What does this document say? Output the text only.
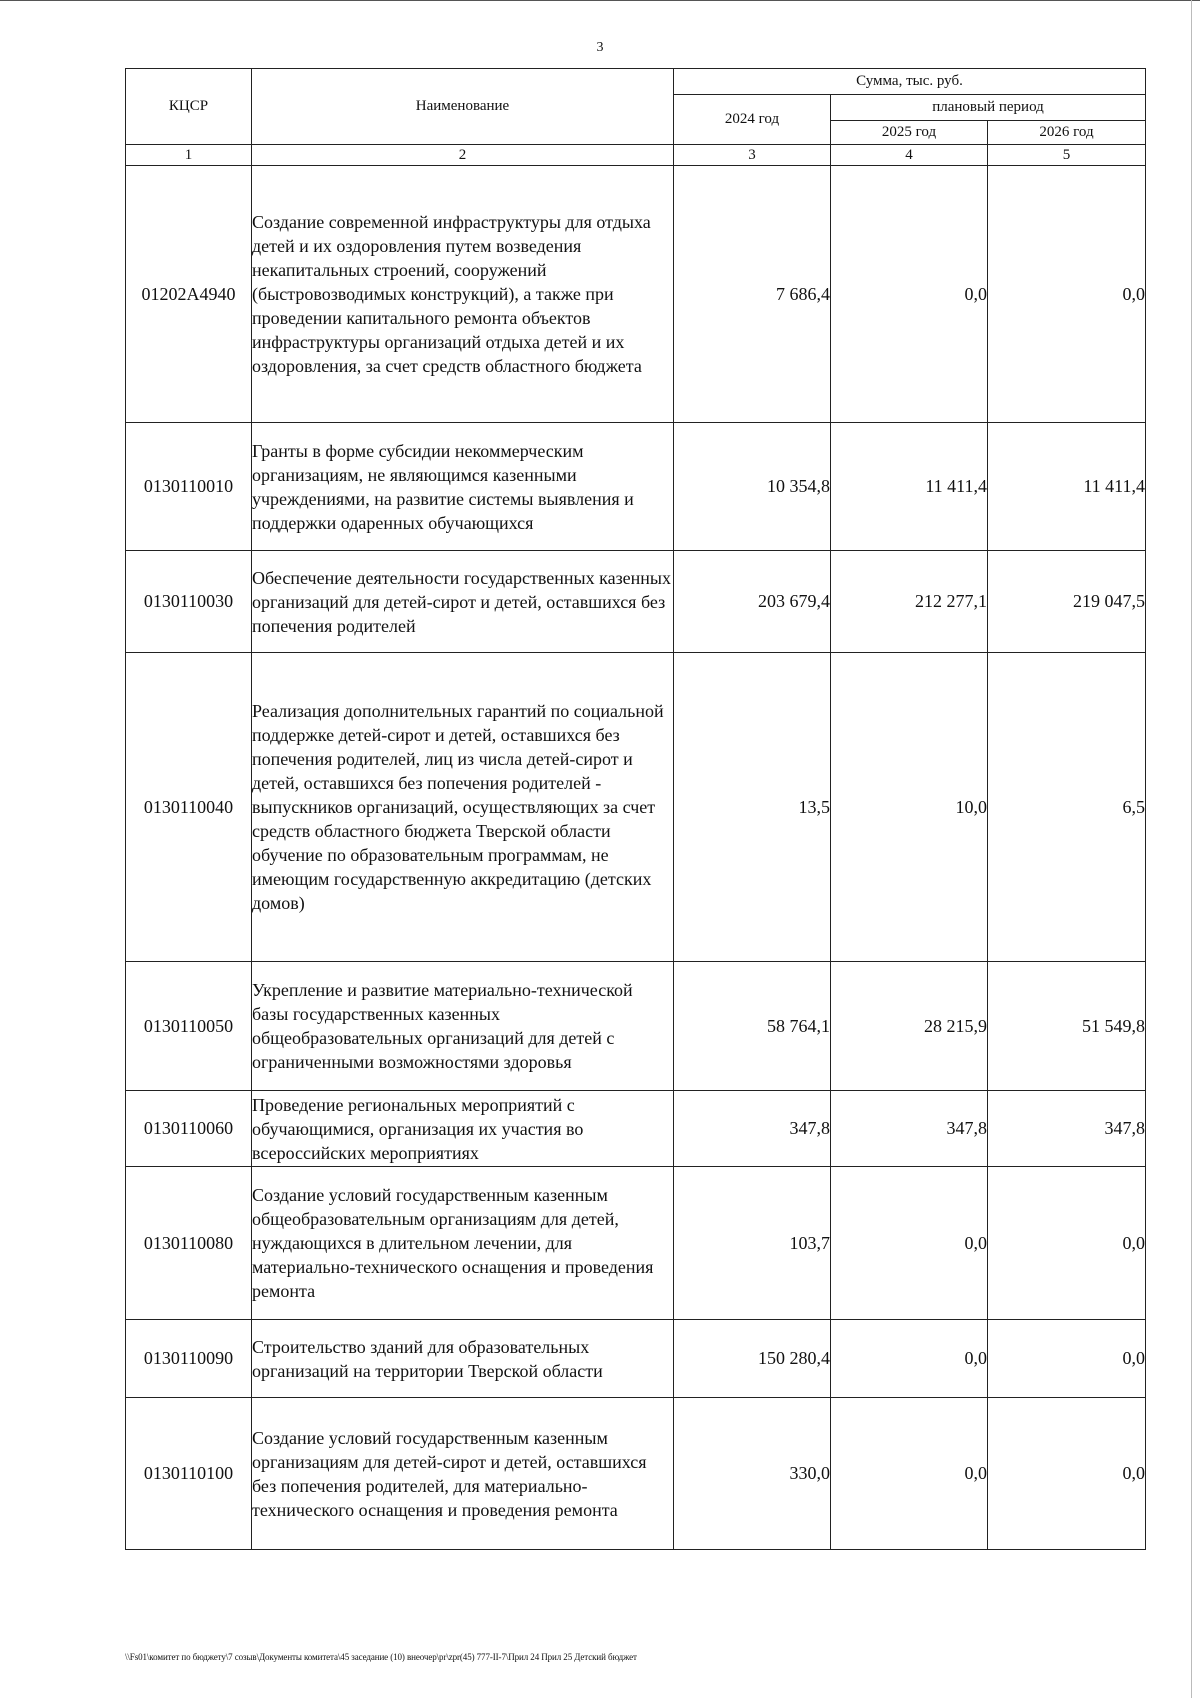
3
КЦСР	Наименование	Сумма, тыс. руб.		
		2024 год	плановый период	
			2025 год	2026 год
1	2	3	4	5
01202A4940	Создание современной инфраструктуры для отдыха детей и их оздоровления путем возведения некапитальных строений, сооружений (быстровозводимых конструкций), а также при проведении капитального ремонта объектов инфраструктуры организаций отдыха детей и их оздоровления, за счет средств областного бюджета	7 686,4	0,0	0,0
0130110010	Гранты в форме субсидии некоммерческим организациям, не являющимся казенными учреждениями, на развитие системы выявления и поддержки одаренных обучающихся	10 354,8	11 411,4	11 411,4
0130110030	Обеспечение деятельности государственных казенных организаций для детей-сирот и детей, оставшихся без попечения родителей	203 679,4	212 277,1	219 047,5
0130110040	Реализация дополнительных гарантий по социальной поддержке детей-сирот и детей, оставшихся без попечения родителей, лиц из числа детей-сирот и детей, оставшихся без попечения родителей - выпускников организаций, осуществляющих за счет средств областного бюджета Тверской области обучение по образовательным программам, не имеющим государственную аккредитацию (детских домов)	13,5	10,0	6,5
0130110050	Укрепление и развитие материально-технической базы государственных казенных общеобразовательных организаций для детей с ограниченными возможностями здоровья	58 764,1	28 215,9	51 549,8
0130110060	Проведение региональных мероприятий с обучающимися, организация их участия во всероссийских мероприятиях	347,8	347,8	347,8
0130110080	Создание условий государственным казенным общеобразовательным организациям для детей, нуждающихся в длительном лечении, для материально-технического оснащения и проведения ремонта	103,7	0,0	0,0
0130110090	Строительство зданий для образовательных организаций на территории Тверской области	150 280,4	0,0	0,0
0130110100	Создание условий государственным казенным организациям для детей-сирот и детей, оставшихся без попечения родителей, для материально-технического оснащения и проведения ремонта	330,0	0,0	0,0
\\Fs01\комитет по бюджету\7 созыв\Документы комитета\45 заседание (10) внеочер\pr\zpr(45) 777-II-7\Прил 24 Прил 25 Детский бюджет
